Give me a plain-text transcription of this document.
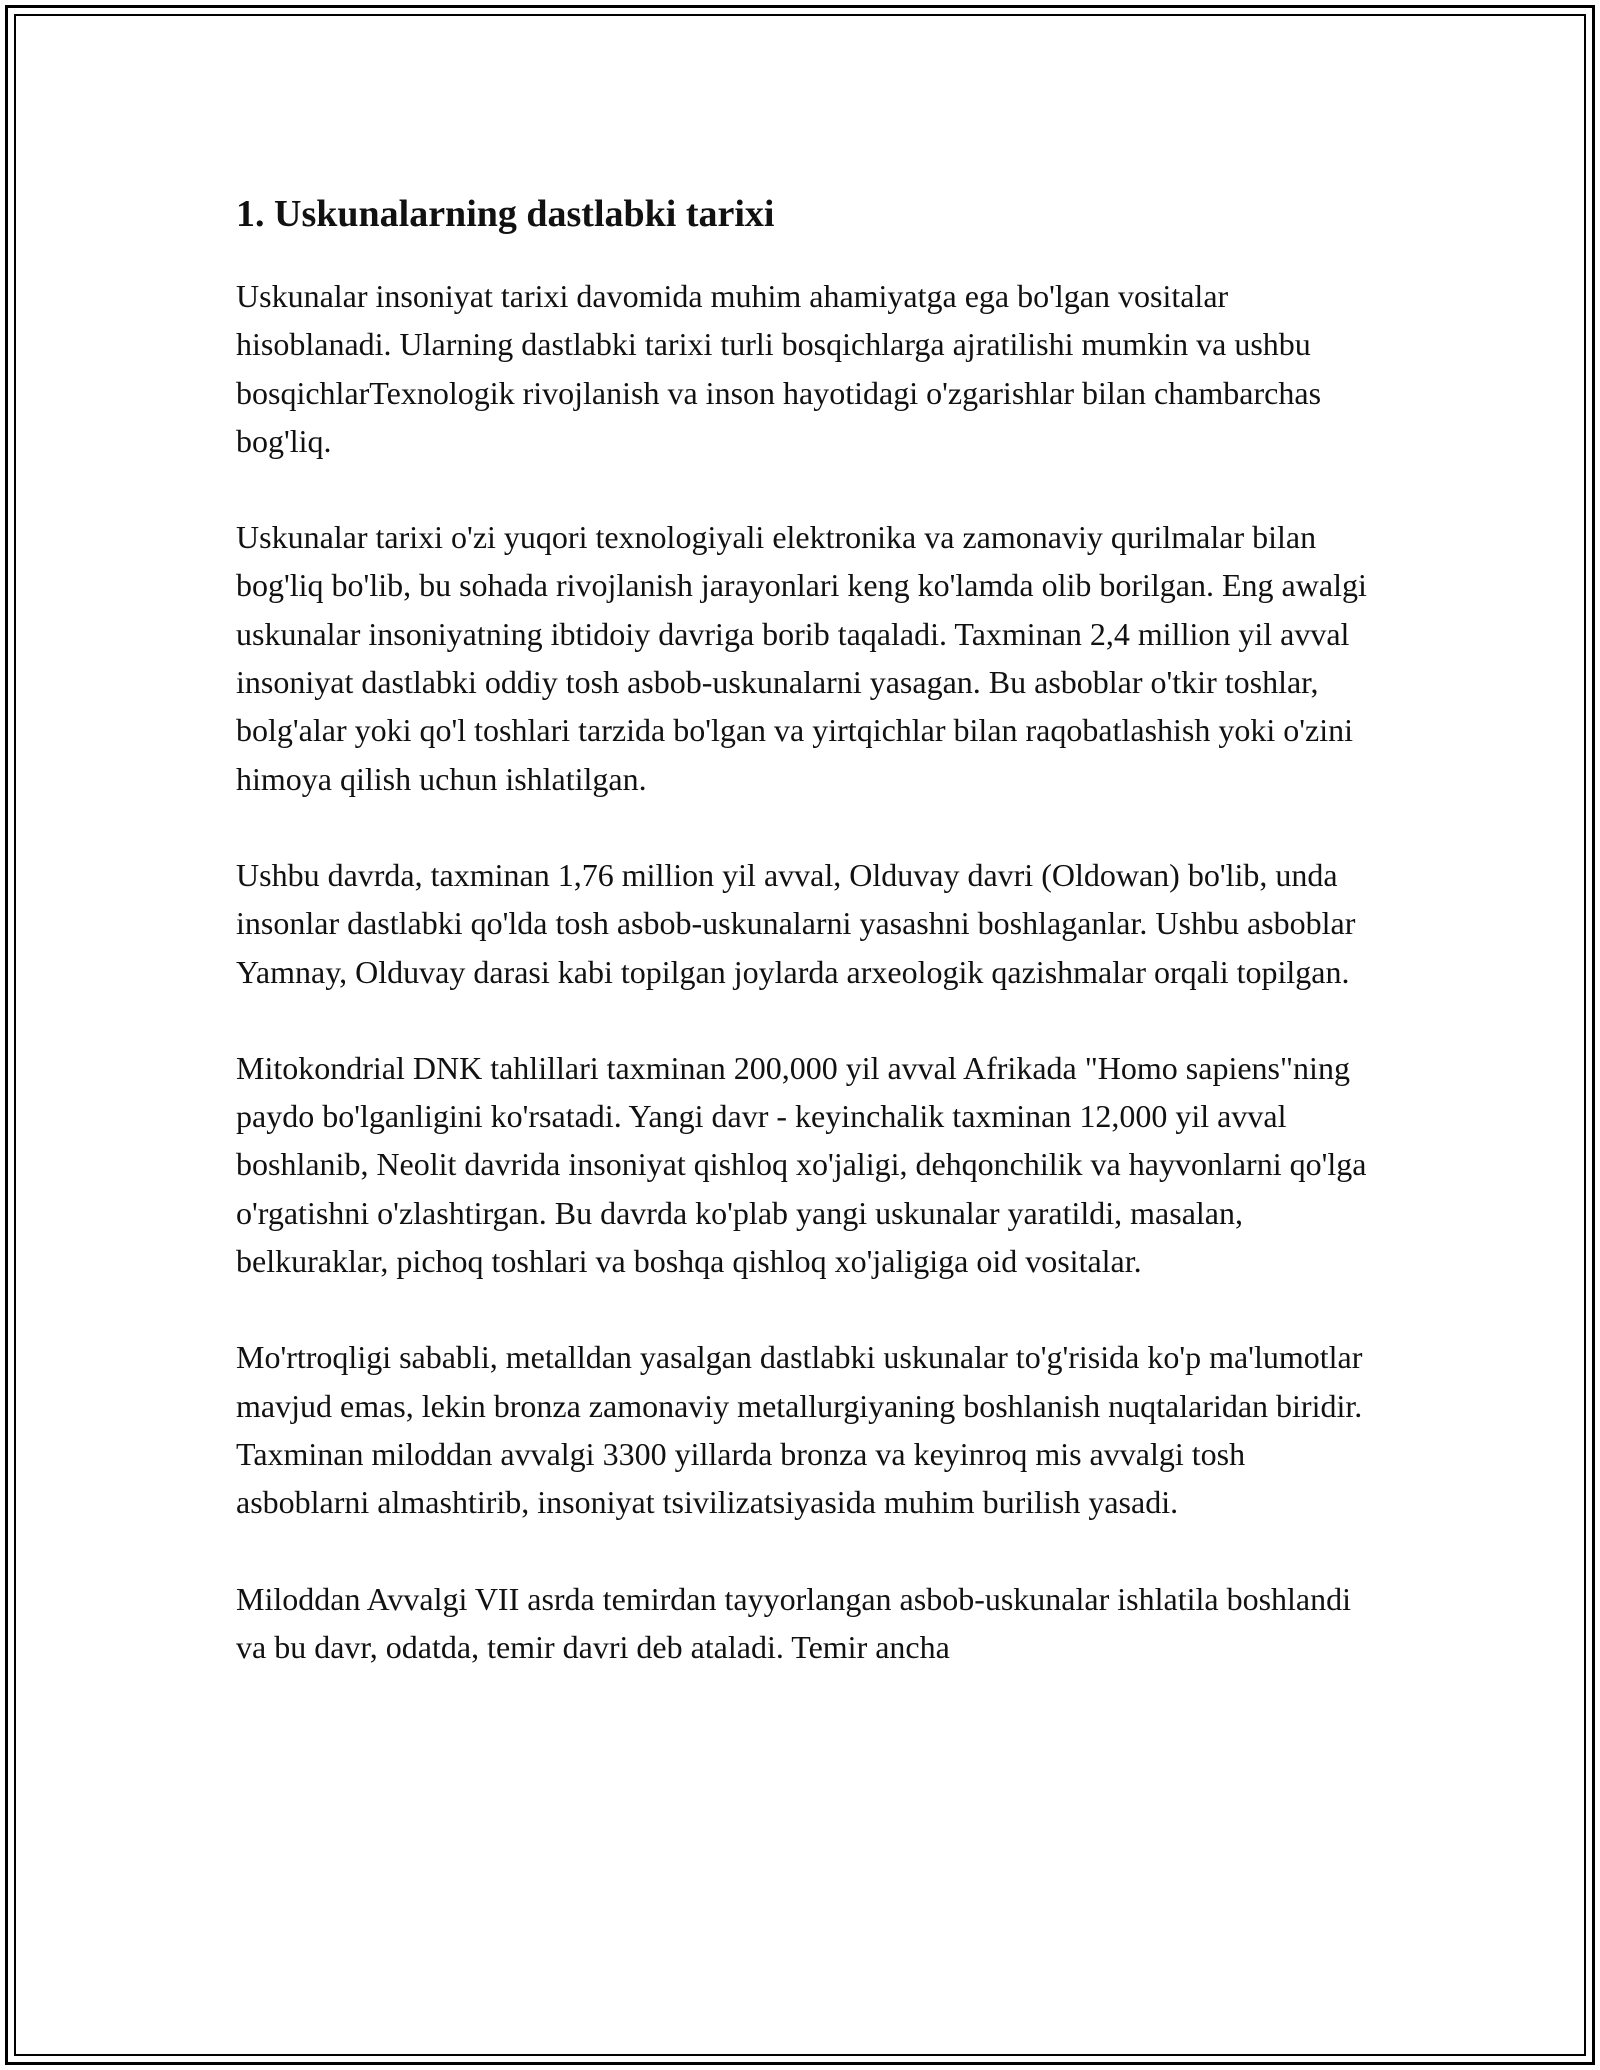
1. Uskunalarning dastlabki tarixi

Uskunalar insoniyat tarixi davomida muhim ahamiyatga ega bo'lgan vositalar hisoblanadi. Ularning dastlabki tarixi turli bosqichlarga ajratilishi mumkin va ushbu bosqichlarTexnologik rivojlanish va inson hayotidagi o'zgarishlar bilan chambarchas bog'liq.

Uskunalar tarixi o'zi yuqori texnologiyali elektronika va zamonaviy qurilmalar bilan bog'liq bo'lib, bu sohada rivojlanish jarayonlari keng ko'lamda olib borilgan. Eng awalgi uskunalar insoniyatning ibtidoiy davriga borib taqaladi. Taxminan 2,4 million yil avval insoniyat dastlabki oddiy tosh asbob-uskunalarni yasagan. Bu asboblar o'tkir toshlar, bolg'alar yoki qo'l toshlari tarzida bo'lgan va yirtqichlar bilan raqobatlashish yoki o'zini himoya qilish uchun ishlatilgan.

Ushbu davrda, taxminan 1,76 million yil avval, Olduvay davri (Oldowan) bo'lib, unda insonlar dastlabki qo'lda tosh asbob-uskunalarni yasashni boshlaganlar. Ushbu asboblar Yamnay, Olduvay darasi kabi topilgan joylarda arxeologik qazishmalar orqali topilgan.

Mitokondrial DNK tahlillari taxminan 200,000 yil avval Afrikada "Homo sapiens"ning paydo bo'lganligini ko'rsatadi. Yangi davr - keyinchalik taxminan 12,000 yil avval boshlanib, Neolit davrida insoniyat qishloq xo'jaligi, dehqonchilik va hayvonlarni qo'lga o'rgatishni o'zlashtirgan. Bu davrda ko'plab yangi uskunalar yaratildi, masalan, belkuraklar, pichoq toshlari va boshqa qishloq xo'jaligiga oid vositalar.

Mo'rtroqligi sababli, metalldan yasalgan dastlabki uskunalar to'g'risida ko'p ma'lumotlar mavjud emas, lekin bronza zamonaviy metallurgiyaning boshlanish nuqtalaridan biridir. Taxminan miloddan avvalgi 3300 yillarda bronza va keyinroq mis avvalgi tosh asboblarni almashtirib, insoniyat tsivilizatsiyasida muhim burilish yasadi.

Miloddan Avvalgi VII asrda temirdan tayyorlangan asbob-uskunalar ishlatila boshlandi va bu davr, odatda, temir davri deb ataladi. Temir ancha
